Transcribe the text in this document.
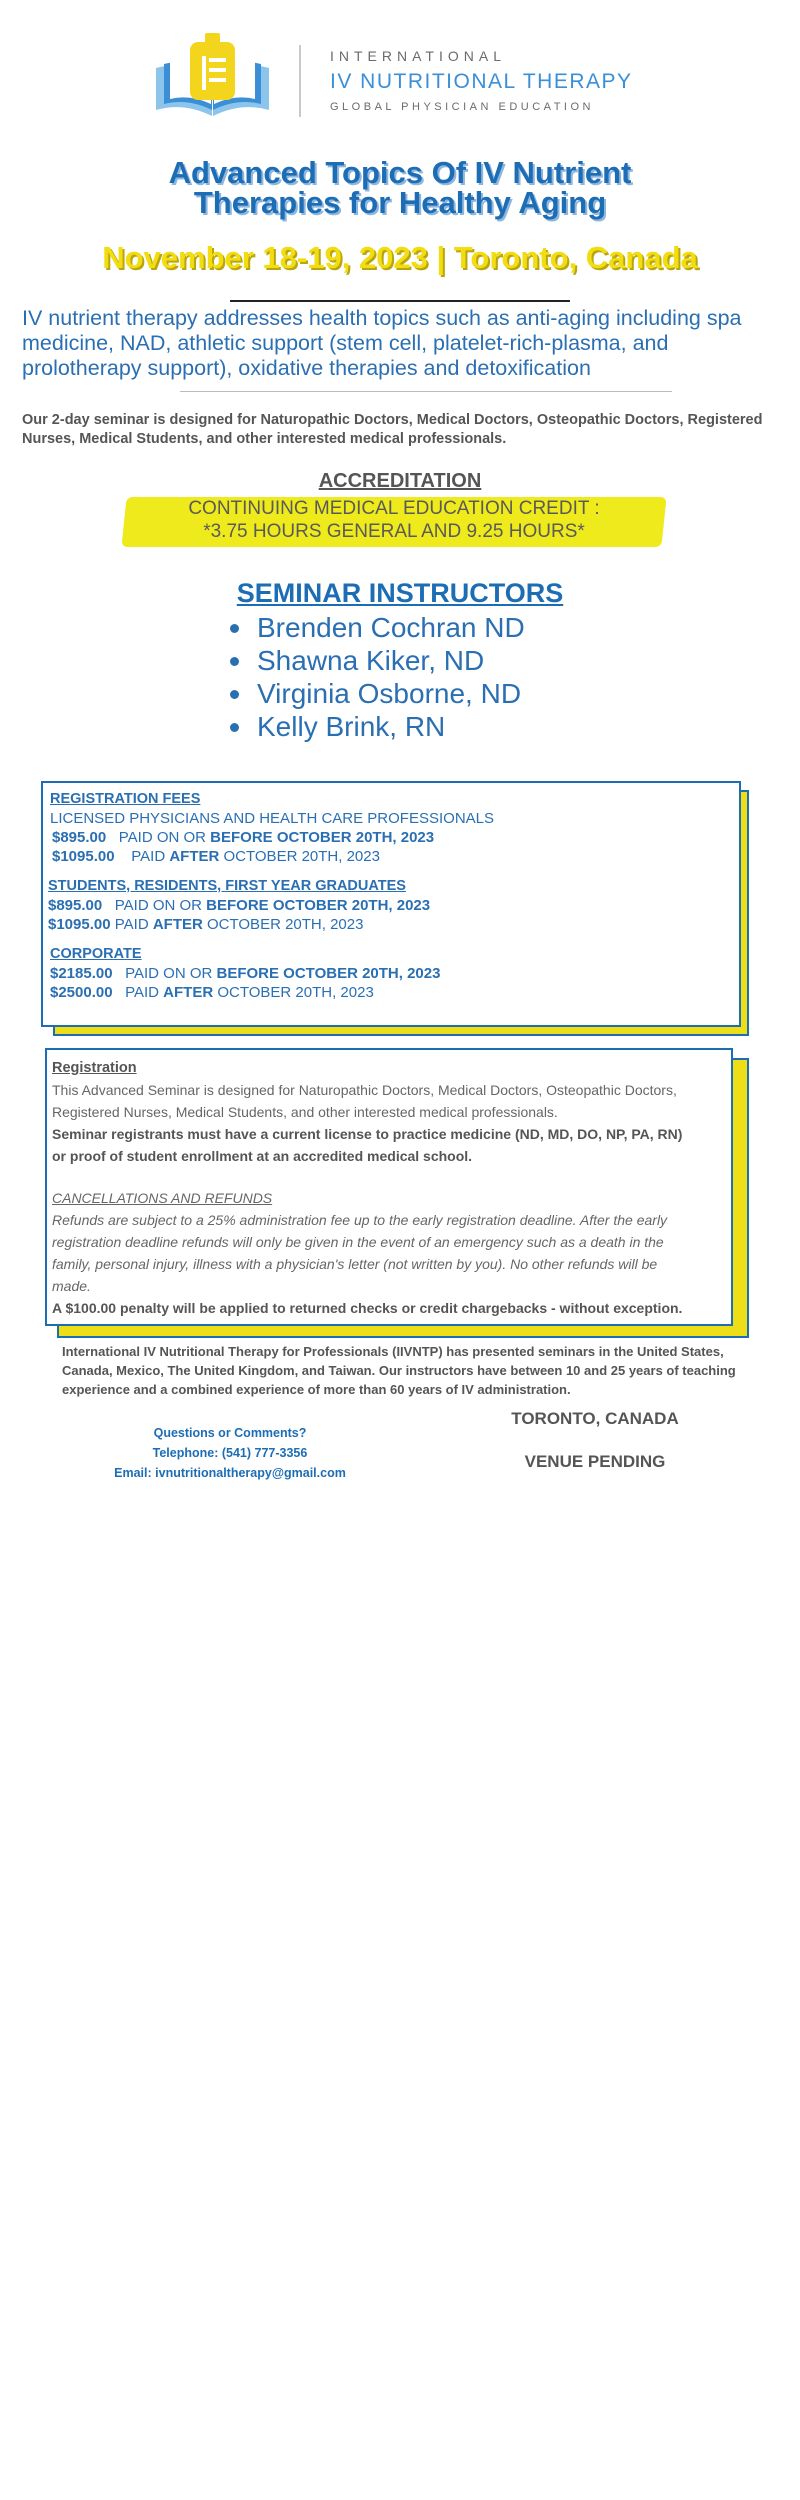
INTERNATIONAL
IV NUTRITIONAL THERAPY
GLOBAL PHYSICIAN EDUCATION
Advanced Topics Of IV Nutrient
Therapies for Healthy Aging
November 18-19, 2023 | Toronto, Canada
IV nutrient therapy addresses health topics such as anti-aging including spa medicine, NAD, athletic support (stem cell, platelet-rich-plasma, and prolotherapy support), oxidative therapies and detoxification
Our 2-day seminar is designed for Naturopathic Doctors, Medical Doctors, Osteopathic Doctors, Registered Nurses, Medical Students, and other interested medical professionals.
ACCREDITATION
CONTINUING MEDICAL EDUCATION CREDIT :
*3.75 HOURS GENERAL AND 9.25 HOURS*
SEMINAR INSTRUCTORS
Brenden Cochran ND
Shawna Kiker, ND
Virginia Osborne, ND
Kelly Brink, RN
REGISTRATION FEES
LICENSED PHYSICIANS AND HEALTH CARE PROFESSIONALS
$895.00 PAID ON OR BEFORE OCTOBER 20TH, 2023
$1095.00 PAID AFTER OCTOBER 20TH, 2023
STUDENTS, RESIDENTS, FIRST YEAR GRADUATES
$895.00 PAID ON OR BEFORE OCTOBER 20TH, 2023
$1095.00 PAID AFTER OCTOBER 20TH, 2023
CORPORATE
$2185.00 PAID ON OR BEFORE OCTOBER 20TH, 2023
$2500.00 PAID AFTER OCTOBER 20TH, 2023
Registration
This Advanced Seminar is designed for Naturopathic Doctors, Medical Doctors, Osteopathic Doctors,
Registered Nurses, Medical Students, and other interested medical professionals.
Seminar registrants must have a current license to practice medicine (ND, MD, DO, NP, PA, RN)
or proof of student enrollment at an accredited medical school.
CANCELLATIONS AND REFUNDS
Refunds are subject to a 25% administration fee up to the early registration deadline. After the early
registration deadline refunds will only be given in the event of an emergency such as a death in the
family, personal injury, illness with a physician's letter (not written by you). No other refunds will be
made.
A $100.00 penalty will be applied to returned checks or credit chargebacks - without exception.
International IV Nutritional Therapy for Professionals (IIVNTP) has presented seminars in the United States, Canada, Mexico, The United Kingdom, and Taiwan. Our instructors have between 10 and 25 years of teaching experience and a combined experience of more than 60 years of IV administration.
Questions or Comments?
Telephone: (541) 777-3356
Email: ivnutritionaltherapy@gmail.com
TORONTO, CANADA
VENUE PENDING
